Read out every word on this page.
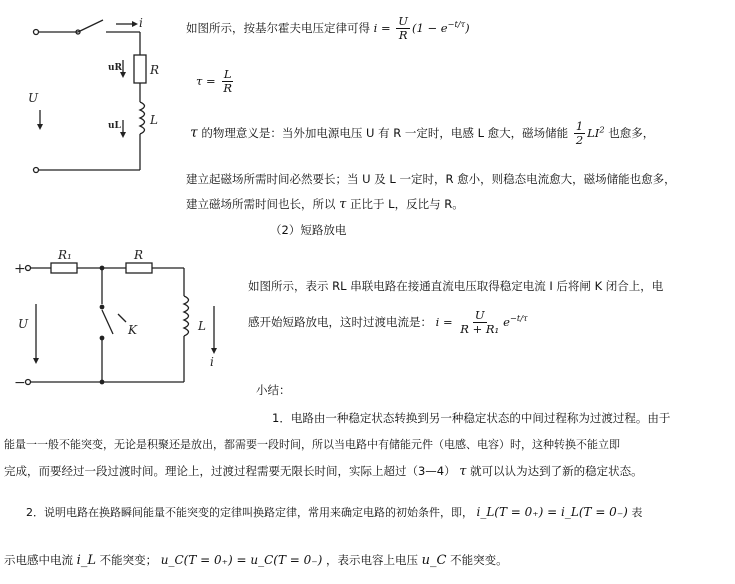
i
uR R
uL L
U
如图所示，按基尔霍夫电压定律可得 $i = \frac{U}{R} (1 - e^{-t/\tau})$
$\tau = \frac{L}{R}$
τ 的物理意义是：当外加电源电压 U 有 R 一定时，电感 L 愈大，磁场储能 $\frac{1}{2} LI^2$ 也愈多，
建立起磁场所需时间必然要长；当 U 及 L 一定时，R 愈小，则稳态电流愈大，磁场储能也愈多，
建立磁场所需时间也长，所以 τ 正比于 L，反比与 R。
（2）短路放电
+
−
R₁	R
K
U	L
i
如图所示，表示 RL 串联电路在接通直流电压取得稳定电流 I 后将闸 K 闭合上，电
感开始短路放电，这时过渡电流是： $i = \frac{U}{\text{R + R₁}} e^{-t/\tau}$
小结：
1．电路由一种稳定状态转换到另一种稳定状态的中间过程称为过渡过程。由于
能量一一般不能突变，无论是积聚还是放出，都需要一段时间，所以当电路中有储能元件（电感、电容）时，这种转换不能立即
完成，而要经过一段过渡时间。理论上，过渡过程需要无限长时间，实际上超过（3—4） τ 就可以认为达到了新的稳定状态。
2．说明电路在换路瞬间能量不能突变的定律叫换路定律，常用来确定电路的初始条件，即， i_L(T = 0₊) = i_L(T = 0₋) 表
示电感中电流 i_L 不能突变； u_C(T = 0₊) = u_C(T = 0₋) ，表示电容上电压 u_C 不能突变。
